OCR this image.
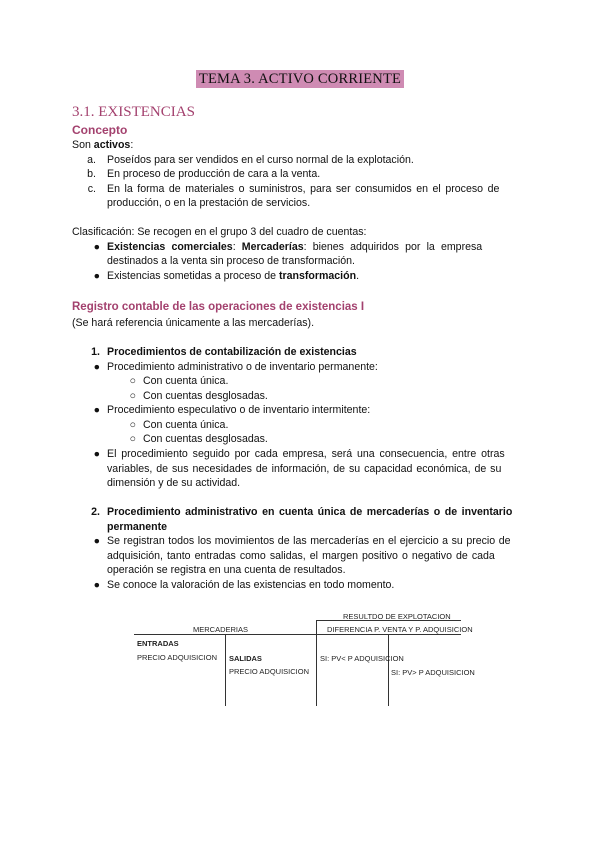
TEMA 3. ACTIVO CORRIENTE
3.1. EXISTENCIAS
Concepto
Son activos:
a. Poseídos para ser vendidos en el curso normal de la explotación.
b. En proceso de producción de cara a la venta.
c. En la forma de materiales o suministros, para ser consumidos en el proceso de
producción, o en la prestación de servicios.
Clasificación: Se recogen en el grupo 3 del cuadro de cuentas:
● Existencias comerciales: Mercaderías: bienes adquiridos por la empresa
destinados a la venta sin proceso de transformación.
● Existencias sometidas a proceso de transformación.
Registro contable de las operaciones de existencias I
(Se hará referencia únicamente a las mercaderías).
1. Procedimientos de contabilización de existencias
● Procedimiento administrativo o de inventario permanente:
○ Con cuenta única.
○ Con cuentas desglosadas.
● Procedimiento especulativo o de inventario intermitente:
○ Con cuenta única.
○ Con cuentas desglosadas.
● El procedimiento seguido por cada empresa, será una consecuencia, entre otras
variables, de sus necesidades de información, de su capacidad económica, de su
dimensión y de su actividad.
2. Procedimiento administrativo en cuenta única de mercaderías o de inventario
permanente
● Se registran todos los movimientos de las mercaderías en el ejercicio a su precio de
adquisición, tanto entradas como salidas, el margen positivo o negativo de cada
operación se registra en una cuenta de resultados.
● Se conoce la valoración de las existencias en todo momento.
MERCADERIAS
RESULTDO DE EXPLOTACION
DIFERENCIA P. VENTA Y P. ADQUISICION
ENTRADAS
PRECIO ADQUISICION SALIDAS
PRECIO ADQUISICION
SI: PV< P ADQUISICION
SI: PV> P ADQUISICION
